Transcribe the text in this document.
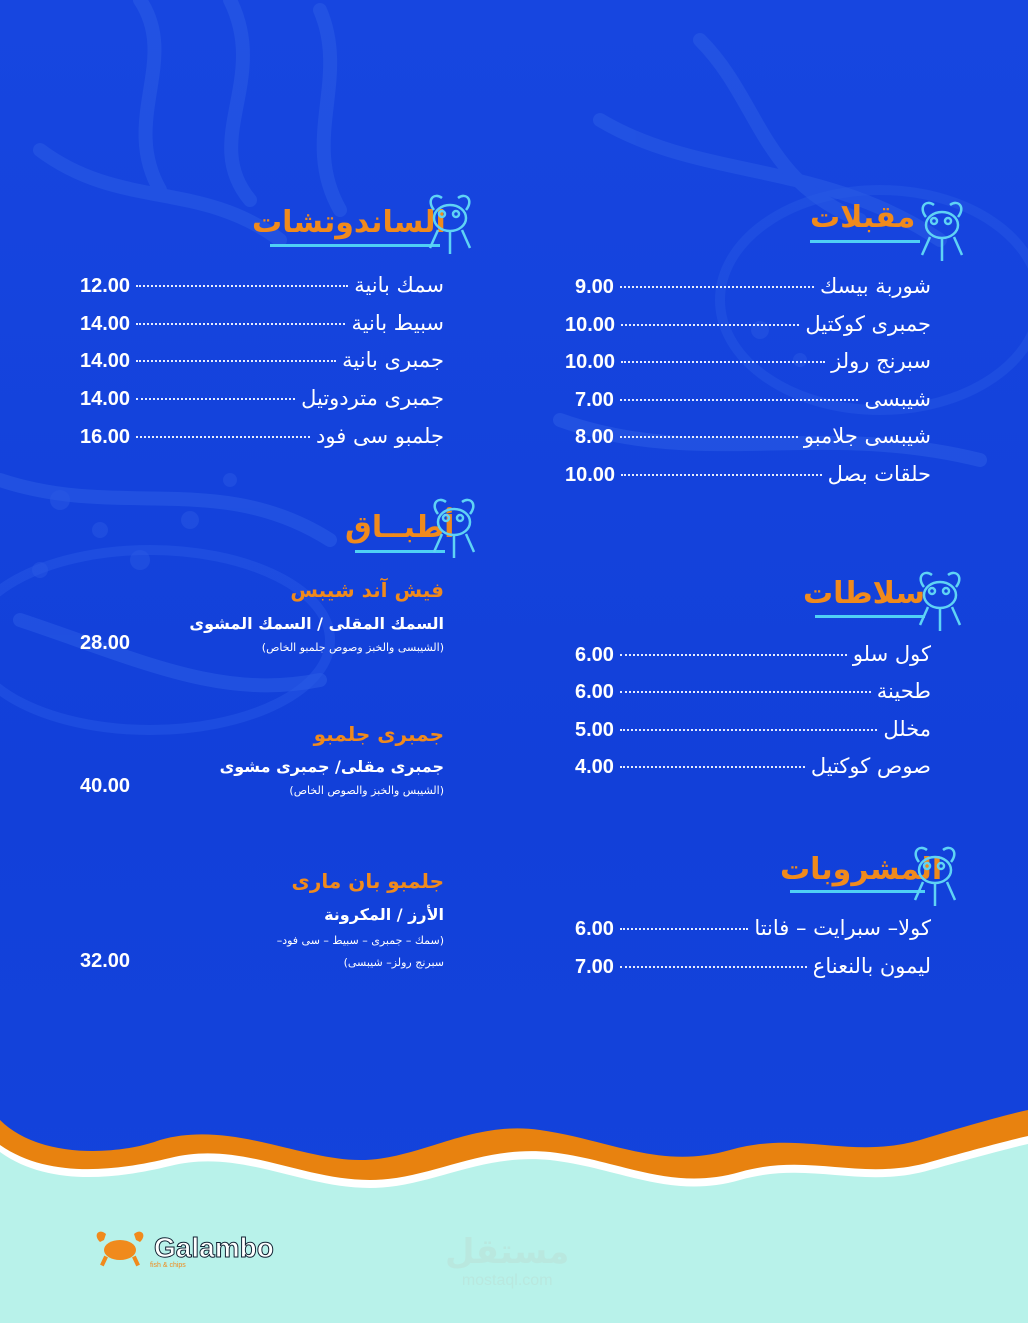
مقبلات
شوربة بيسك
9.00
جمبرى كوكتيل
10.00
سبرنج رولز
10.00
شيبسى
7.00
شيبسى جلامبو
8.00
حلقات بصل
10.00
الساندوتشات
سمك بانية
12.00
سبيط بانية
14.00
جمبرى بانية
14.00
جمبرى متردوتيل
14.00
جلمبو سى فود
16.00
أطبــاق
فيش آند شيبس
السمك المقلى / السمك المشوى
(الشيبسى والخبز وصوص جلمبو الخاص)
28.00
جمبرى جلمبو
جمبرى مقلى/ جمبرى مشوى
(الشيبس والخبز والصوص الخاص)
40.00
جلمبو بان مارى
الأرز / المكرونة
(سمك – جمبرى – سبيط – سى فود–
سبرنج رولز– شيبسى)
32.00
سلاطات
كول سلو
6.00
طحينة
6.00
مخلل
5.00
صوص كوكتيل
4.00
المشروبات
كولا– سبرايت – فانتا
6.00
ليمون بالنعناع
7.00
Galambo
fish & chips	مستقل
mostaql.com
